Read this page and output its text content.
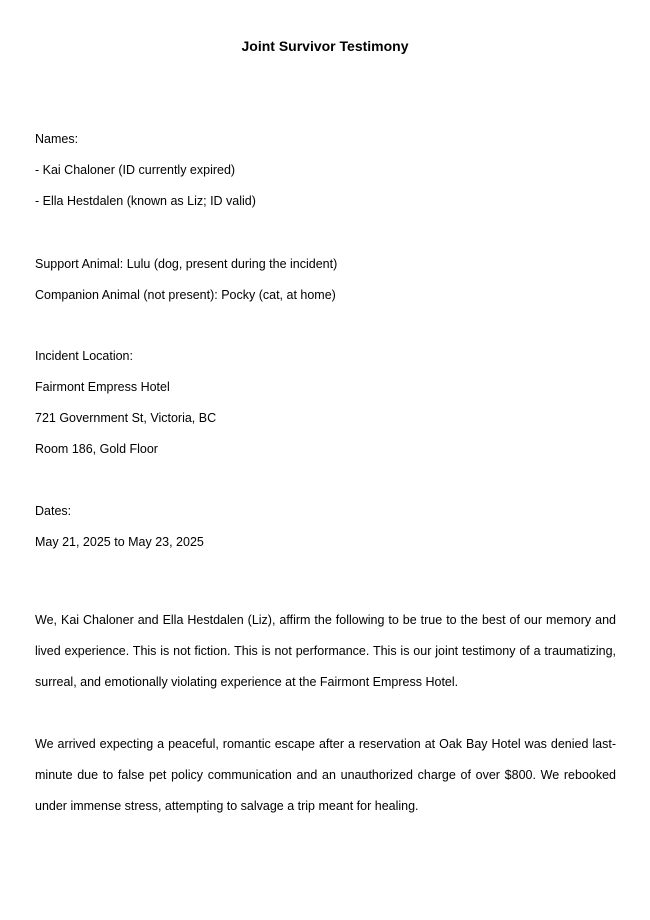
Joint Survivor Testimony
Names:
- Kai Chaloner (ID currently expired)
- Ella Hestdalen (known as Liz; ID valid)
Support Animal: Lulu (dog, present during the incident)
Companion Animal (not present): Pocky (cat, at home)
Incident Location:
Fairmont Empress Hotel
721 Government St, Victoria, BC
Room 186, Gold Floor
Dates:
May 21, 2025 to May 23, 2025
We, Kai Chaloner and Ella Hestdalen (Liz), affirm the following to be true to the best of our memory and lived experience. This is not fiction. This is not performance. This is our joint testimony of a traumatizing, surreal, and emotionally violating experience at the Fairmont Empress Hotel.
We arrived expecting a peaceful, romantic escape after a reservation at Oak Bay Hotel was denied last-minute due to false pet policy communication and an unauthorized charge of over $800. We rebooked under immense stress, attempting to salvage a trip meant for healing.
